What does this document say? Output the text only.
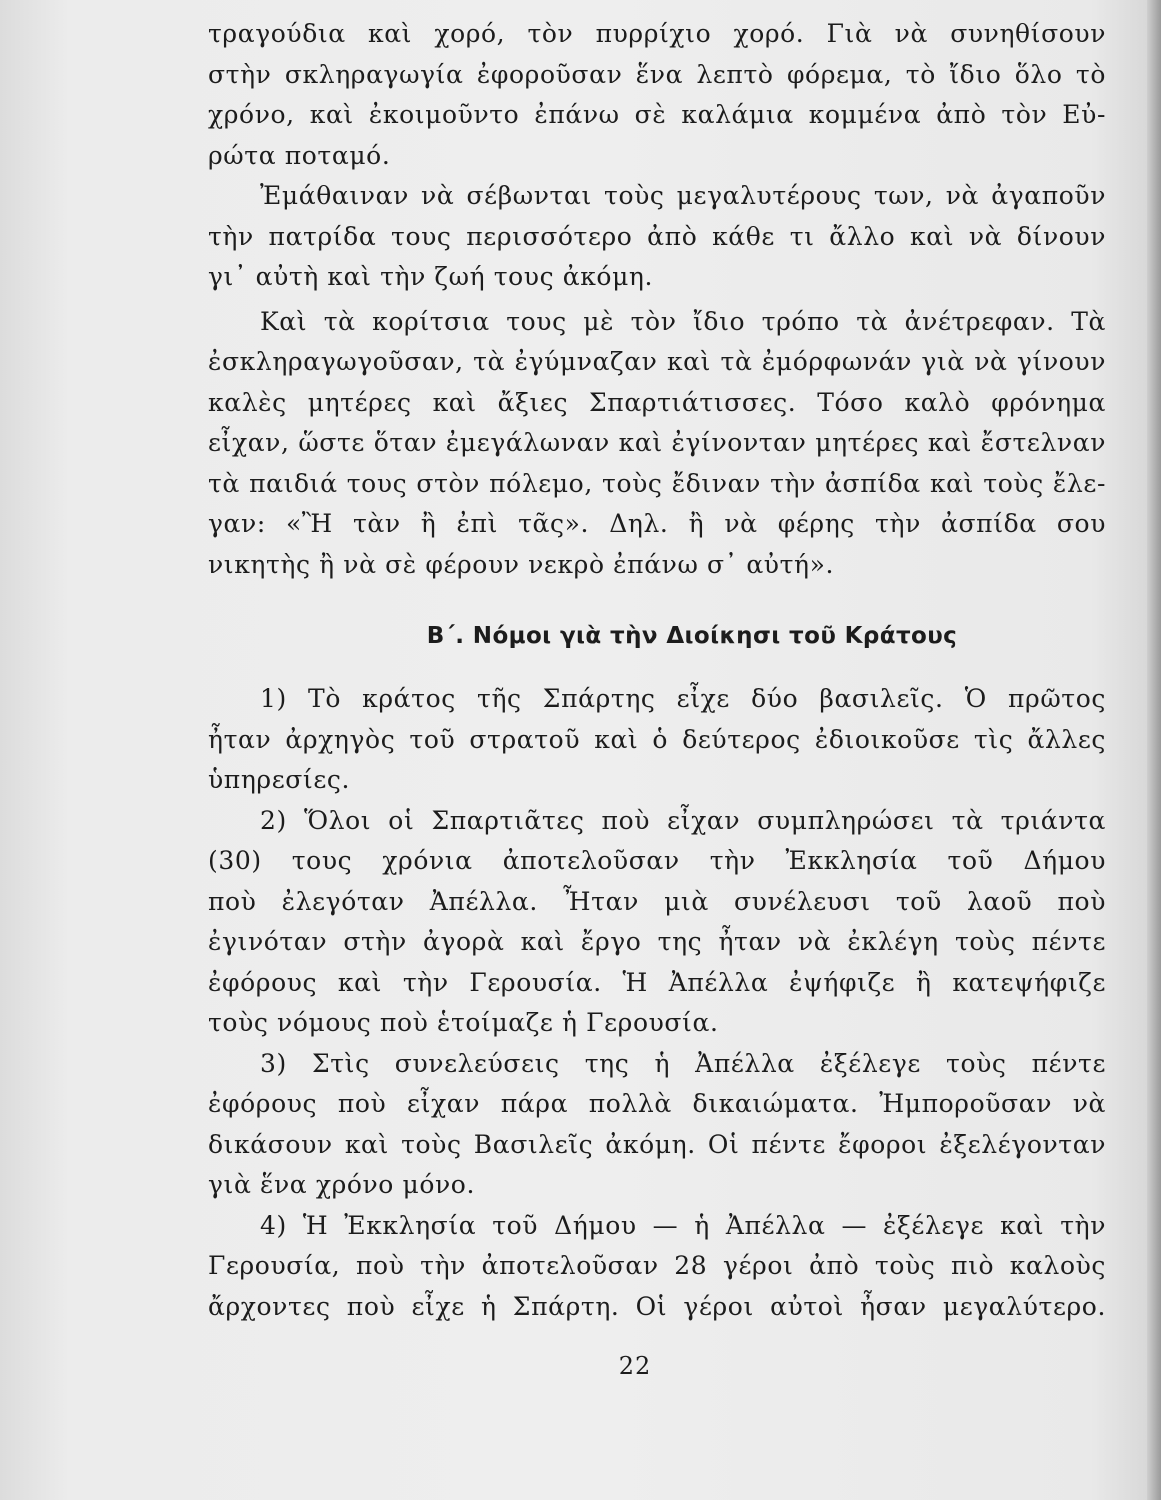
τραγούδια καὶ χορό, τὸν πυρρίχιο χορό. Γιὰ νὰ συνηθίσουν
στὴν σκληραγωγία ἐφοροῦσαν ἕνα λεπτὸ φόρεμα, τὸ ἴδιο ὅλο τὸ
χρόνο, καὶ ἐκοιμοῦντο ἐπάνω σὲ καλάμια κομμένα ἀπὸ τὸν Εὐ-
ρώτα ποταμό.
Ἐμάθαιναν νὰ σέβωνται τοὺς μεγαλυτέρους των, νὰ ἀγαποῦν
τὴν πατρίδα τους περισσότερο ἀπὸ κάθε τι ἄλλο καὶ νὰ δίνουν
γι᾽ αὐτὴ καὶ τὴν ζωή τους ἀκόμη.
Καὶ τὰ κορίτσια τους μὲ τὸν ἴδιο τρόπο τὰ ἀνέτρεφαν. Τὰ
ἐσκληραγωγοῦσαν, τὰ ἐγύμναζαν καὶ τὰ ἐμόρφωνάν γιὰ νὰ γίνουν
καλὲς μητέρες καὶ ἄξιες Σπαρτιάτισσες. Τόσο καλὸ φρόνημα
εἶχαν, ὥστε ὅταν ἐμεγάλωναν καὶ ἐγίνονταν μητέρες καὶ ἔστελναν
τὰ παιδιά τους στὸν πόλεμο, τοὺς ἔδιναν τὴν ἀσπίδα καὶ τοὺς ἔλε-
γαν: «Ἢ τὰν ἢ ἐπὶ τᾶς». Δηλ. ἢ νὰ φέρης τὴν ἀσπίδα σου
νικητὴς ἢ νὰ σὲ φέρουν νεκρὸ ἐπάνω σ᾽ αὐτή».
Β΄. Νόμοι γιὰ τὴν Διοίκησι τοῦ Κράτους
1) Τὸ κράτος τῆς Σπάρτης εἶχε δύο βασιλεῖς. Ὁ πρῶτος
ἦταν ἀρχηγὸς τοῦ στρατοῦ καὶ ὁ δεύτερος ἐδιοικοῦσε τὶς ἄλλες
ὑπηρεσίες.
2) Ὅλοι οἱ Σπαρτιᾶτες ποὺ εἶχαν συμπληρώσει τὰ τριάντα
(30) τους χρόνια ἀποτελοῦσαν τὴν Ἐκκλησία τοῦ Δήμου
ποὺ ἐλεγόταν Ἀπέλλα. Ἦταν μιὰ συνέλευσι τοῦ λαοῦ ποὺ
ἐγινόταν στὴν ἀγορὰ καὶ ἔργο της ἦταν νὰ ἐκλέγη τοὺς πέντε
ἐφόρους καὶ τὴν Γερουσία. Ἡ Ἀπέλλα ἐψήφιζε ἢ κατεψήφιζε
τοὺς νόμους ποὺ ἑτοίμαζε ἡ Γερουσία.
3) Στὶς συνελεύσεις της ἡ Ἀπέλλα ἐξέλεγε τοὺς πέντε
ἐφόρους ποὺ εἶχαν πάρα πολλὰ δικαιώματα. Ἠμποροῦσαν νὰ
δικάσουν καὶ τοὺς Βασιλεῖς ἀκόμη. Οἱ πέντε ἔφοροι ἐξελέγονταν
γιὰ ἕνα χρόνο μόνο.
4) Ἡ Ἐκκλησία τοῦ Δήμου — ἡ Ἀπέλλα — ἐξέλεγε καὶ τὴν
Γερουσία, ποὺ τὴν ἀποτελοῦσαν 28 γέροι ἀπὸ τοὺς πιὸ καλοὺς
ἄρχοντες ποὺ εἶχε ἡ Σπάρτη. Οἱ γέροι αὐτοὶ ἦσαν μεγαλύτερο.
22
